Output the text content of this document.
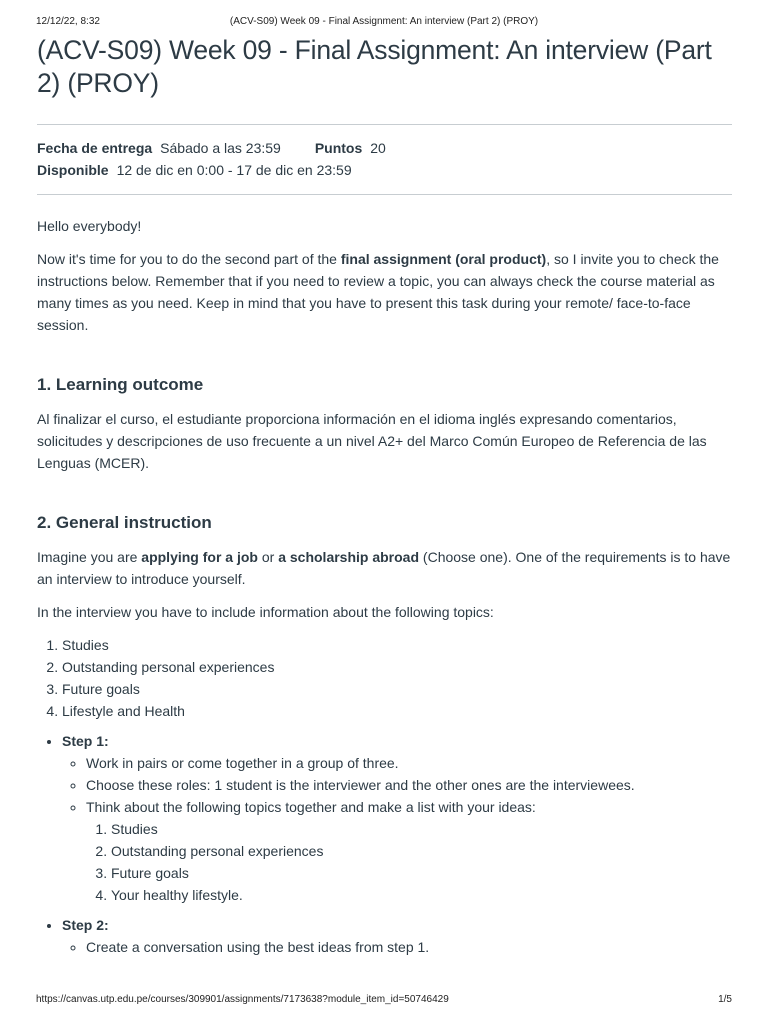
12/12/22, 8:32	(ACV-S09) Week 09 - Final Assignment: An interview (Part 2) (PROY)
(ACV-S09) Week 09 - Final Assignment: An interview (Part 2) (PROY)
Fecha de entrega Sábado a las 23:59 Puntos 20
Disponible 12 de dic en 0:00 - 17 de dic en 23:59

Hello everybody!

Now it's time for you to do the second part of the final assignment (oral product), so I invite you to check the instructions below. Remember that if you need to review a topic, you can always check the course material as many times as you need. Keep in mind that you have to present this task during your remote/ face-to-face session.

1. Learning outcome

Al finalizar el curso, el estudiante proporciona información en el idioma inglés expresando comentarios, solicitudes y descripciones de uso frecuente a un nivel A2+ del Marco Común Europeo de Referencia de las Lenguas (MCER).

2. General instruction

Imagine you are applying for a job or a scholarship abroad (Choose one). One of the requirements is to have an interview to introduce yourself.

In the interview you have to include information about the following topics:

1. Studies
2. Outstanding personal experiences
3. Future goals
4. Lifestyle and Health
• Step 1:
◦ Work in pairs or come together in a group of three.
◦ Choose these roles: 1 student is the interviewer and the other ones are the interviewees.
◦ Think about the following topics together and make a list with your ideas:
1. Studies
2. Outstanding personal experiences
3. Future goals
4. Your healthy lifestyle.
• Step 2:
◦ Create a conversation using the best ideas from step 1.
https://canvas.utp.edu.pe/courses/309901/assignments/7173638?module_item_id=50746429	1/5
